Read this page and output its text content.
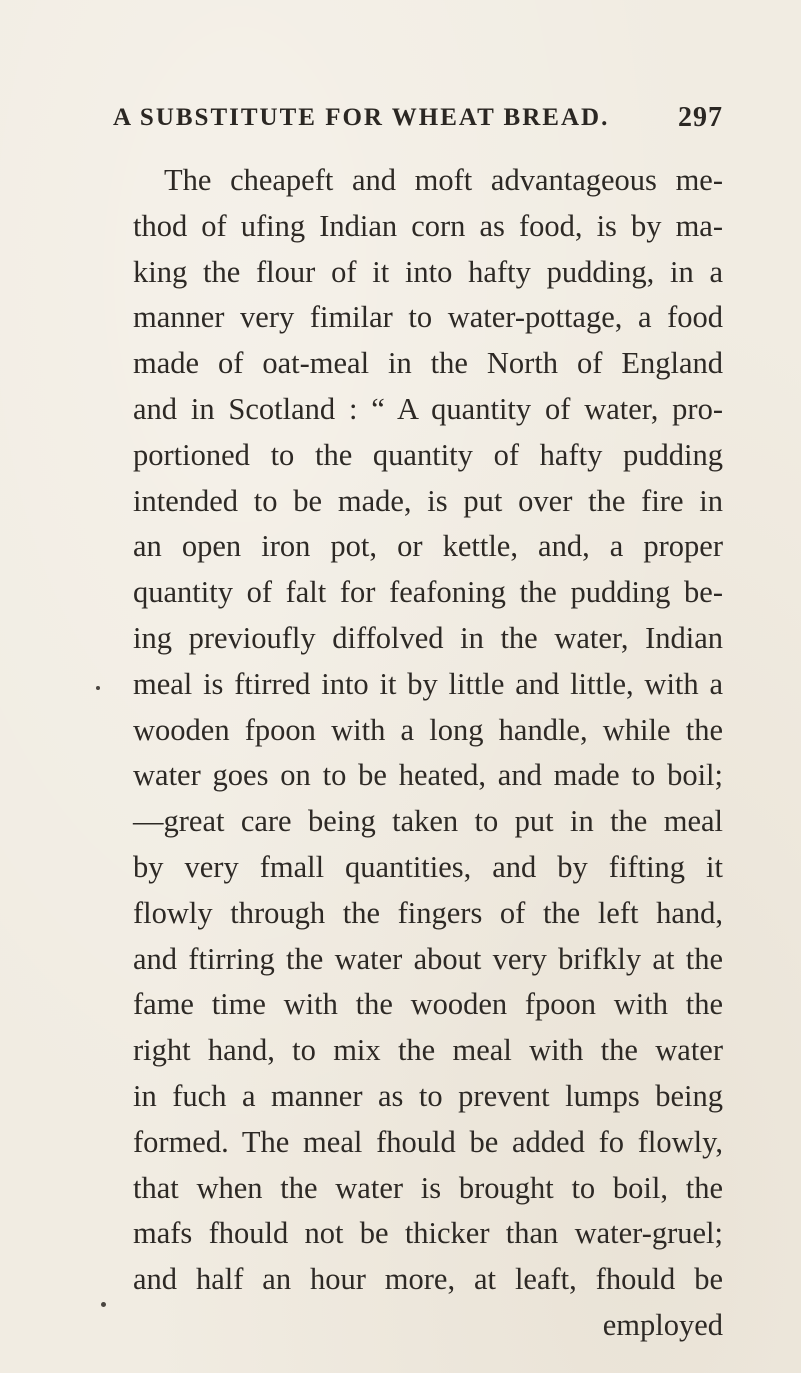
A SUBSTITUTE FOR WHEAT BREAD. 297
The cheapeft and moft advantageous me-
thod of ufing Indian corn as food, is by ma-
king the flour of it into hafty pudding, in a
manner very fimilar to water-pottage, a food
made of oat-meal in the North of England
and in Scotland : “ A quantity of water, pro-
portioned to the quantity of hafty pudding
intended to be made, is put over the fire in
an open iron pot, or kettle, and, a proper
quantity of falt for feafoning the pudding be-
ing previoufly diffolved in the water, Indian
meal is ftirred into it by little and little, with a
wooden fpoon with a long handle, while the
water goes on to be heated, and made to boil;
—great care being taken to put in the meal
by very fmall quantities, and by fifting it
flowly through the fingers of the left hand,
and ftirring the water about very brifkly at the
fame time with the wooden fpoon with the
right hand, to mix the meal with the water
in fuch a manner as to prevent lumps being
formed. The meal fhould be added fo flowly,
that when the water is brought to boil, the
mafs fhould not be thicker than water-gruel;
and half an hour more, at leaft, fhould be
employed
